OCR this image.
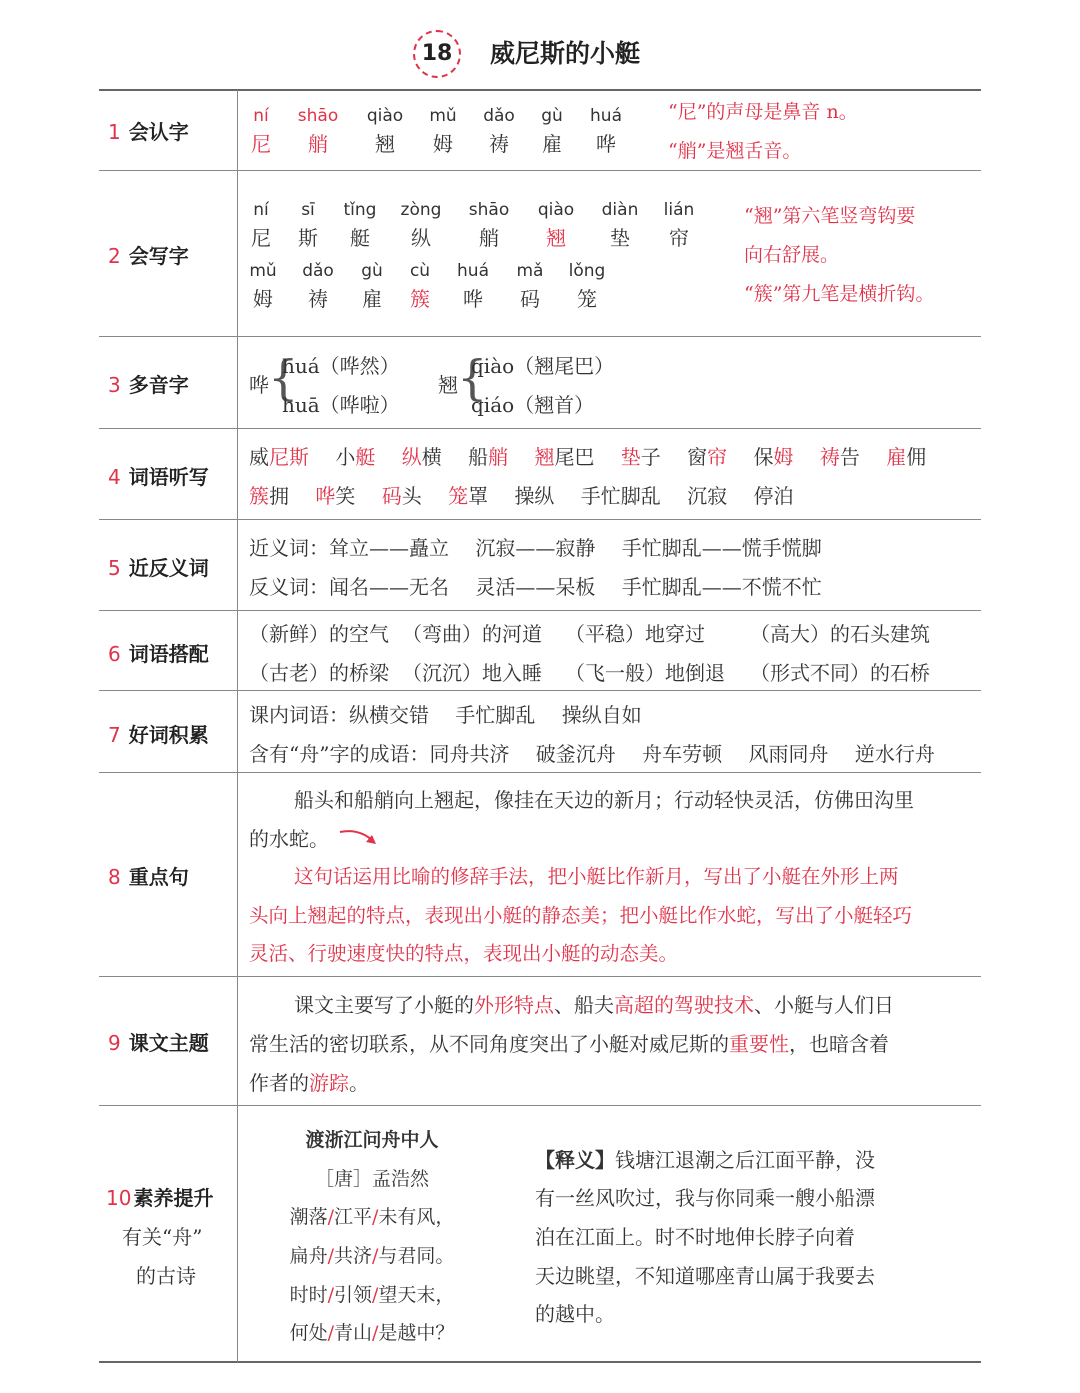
18	威尼斯的小艇
1 会认字
ní
尼
shāo
艄
qiào
翘
mǔ
姆
dǎo
祷
gù
雇
huá
哗
“尼”的声母是鼻音 n。
“艄”是翘舌音。
2 会写字
ní
尼
sī
斯
tǐng
艇
zòng
纵
shāo
艄
qiào
翘
diàn
垫
lián
帘
mǔ
姆
dǎo
祷
gù
雇
cù
簇
huá
哗
mǎ
码
lǒng
笼
“翘”第六笔竖弯钩要
向右舒展。
“簇”第九笔是横折钩。
3 多音字	哗 {
huá（哗然）
huā（哗啦）
翘 {
qiào（翘尾巴）
qiáo（翘首）
4 词语听写
威尼斯　 小艇　 纵横　 船艄　 翘尾巴　 垫子　 窗帘　 保姆　 祷告　 雇佣
簇拥　 哗笑　 码头　 笼罩　 操纵　 手忙脚乱　 沉寂　 停泊
5 近反义词
近义词：耸立——矗立　 沉寂——寂静　 手忙脚乱——慌手慌脚
反义词：闻名——无名　 灵活——呆板　 手忙脚乱——不慌不忙
6 词语搭配
（新鲜）的空气 （弯曲）的河道 （平稳）地穿过 （高大）的石头建筑
（古老）的桥梁 （沉沉）地入睡 （飞一般）地倒退 （形式不同）的石桥
7 好词积累
课内词语：纵横交错　 手忙脚乱　 操纵自如
含有“舟”字的成语：同舟共济　 破釜沉舟　 舟车劳顿　 风雨同舟　 逆水行舟
8 重点句
船头和船艄向上翘起，像挂在天边的新月；行动轻快灵活，仿佛田沟里
的水蛇。
这句话运用比喻的修辞手法，把小艇比作新月，写出了小艇在外形上两
头向上翘起的特点，表现出小艇的静态美；把小艇比作水蛇，写出了小艇轻巧
灵活、行驶速度快的特点，表现出小艇的动态美。
9 课文主题
课文主要写了小艇的外形特点、船夫高超的驾驶技术、小艇与人们日
常生活的密切联系，从不同角度突出了小艇对威尼斯的重要性，也暗含着
作者的游踪。
10 素养提升
有关“舟”
的古诗
渡浙江问舟中人
［唐］孟浩然
潮落/江平/未有风，
扁舟/共济/与君同。
时时/引领/望天末，
何处/青山/是越中？
【释义】钱塘江退潮之后江面平静，没
有一丝风吹过，我与你同乘一艘小船漂
泊在江面上。时不时地伸长脖子向着
天边眺望，不知道哪座青山属于我要去
的越中。
